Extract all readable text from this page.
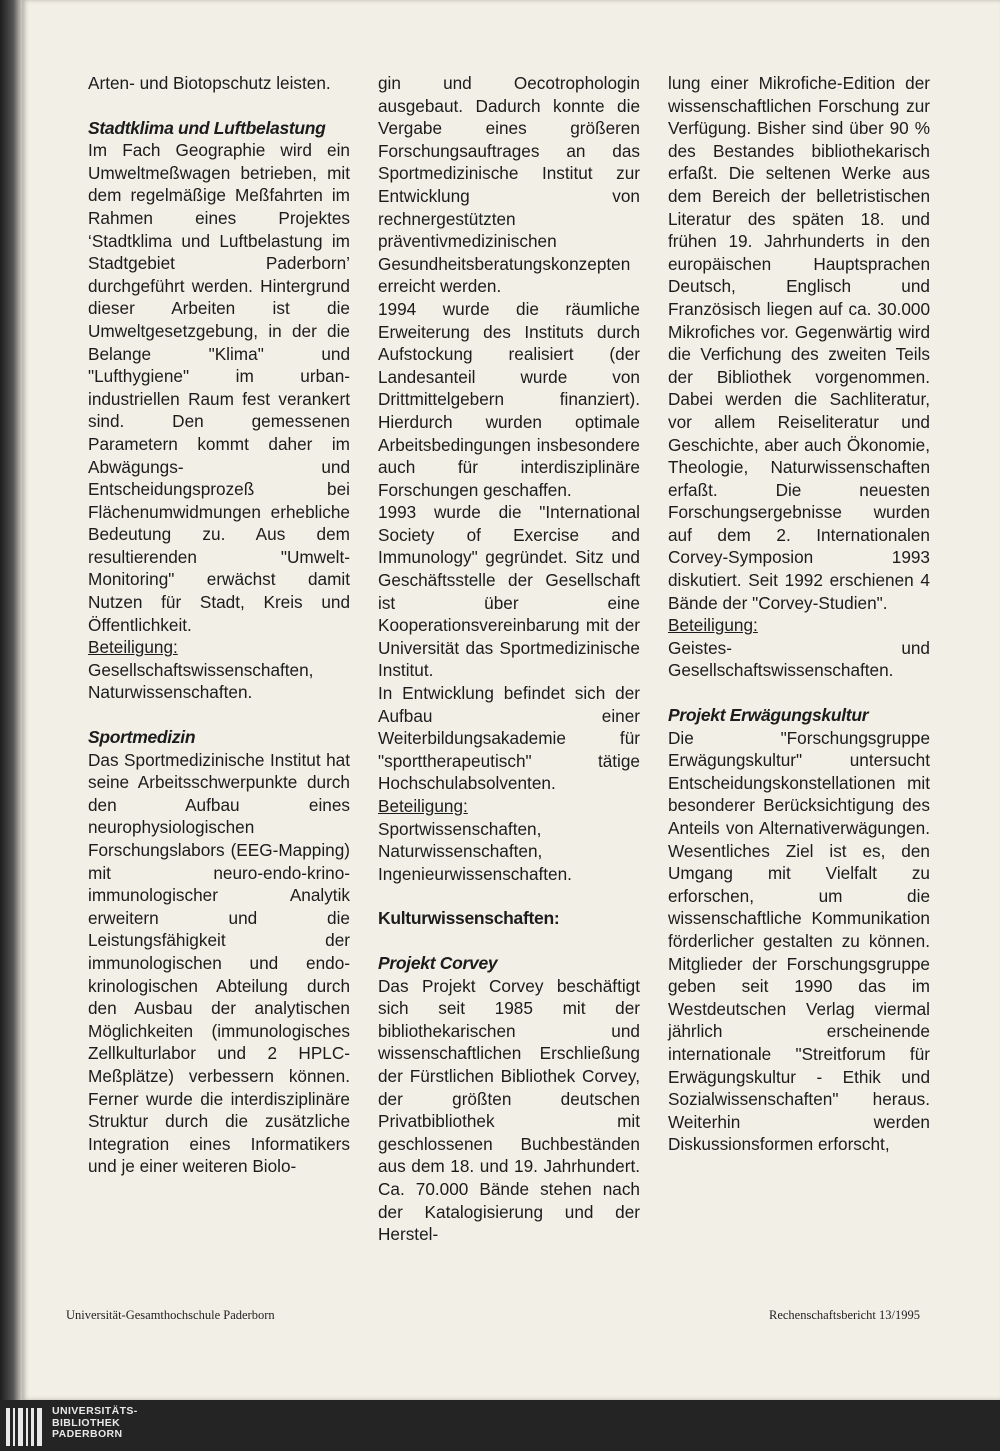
Arten- und Biotopschutz leisten.

Stadtklima und Luftbelastung

Im Fach Geographie wird ein Umweltmeßwagen betrieben, mit dem regelmäßige Meßfahrten im Rahmen eines Projektes ‘Stadtklima und Luftbelastung im Stadtgebiet Paderborn’ durchgeführt werden. Hintergrund dieser Arbeiten ist die Umweltgesetzgebung, in der die Belange "Klima" und "Lufthygiene" im urban-industriellen Raum fest verankert sind. Den gemessenen Parametern kommt daher im Abwägungs- und Entscheidungsprozeß bei Flächenumwidmungen erhebliche Bedeutung zu. Aus dem resultierenden "Umwelt-Monitoring" erwächst damit Nutzen für Stadt, Kreis und Öffentlichkeit.

Beteiligung:

Gesellschaftswissenschaften, Naturwissenschaften.

Sportmedizin

Das Sportmedizinische Institut hat seine Arbeitsschwerpunkte durch den Aufbau eines neurophysiologischen Forschungslabors (EEG-Mapping) mit neuro-endo-krino-immunologischer Analytik erweitern und die Leistungsfähigkeit der immunologischen und endo-krinologischen Abteilung durch den Ausbau der analytischen Möglichkeiten (immunologisches Zellkulturlabor und 2 HPLC-Meßplätze) verbessern können. Ferner wurde die interdisziplinäre Struktur durch die zusätzliche Integration eines Informatikers und je einer weiteren Biolo-

gin und Oecotrophologin ausgebaut. Dadurch konnte die Vergabe eines größeren Forschungsauftrages an das Sportmedizinische Institut zur Entwicklung von rechnergestützten präventivmedizinischen Gesundheitsberatungskonzepten erreicht werden.

1994 wurde die räumliche Erweiterung des Instituts durch Aufstockung realisiert (der Landesanteil wurde von Drittmittelgebern finanziert). Hierdurch wurden optimale Arbeitsbedingungen insbesondere auch für interdisziplinäre Forschungen geschaffen.

1993 wurde die "International Society of Exercise and Immunology" gegründet. Sitz und Geschäftsstelle der Gesellschaft ist über eine Kooperationsvereinbarung mit der Universität das Sportmedizinische Institut.

In Entwicklung befindet sich der Aufbau einer Weiterbildungsakademie für "sporttherapeutisch" tätige Hochschulabsolventen.

Beteiligung:

Sportwissenschaften, Naturwissenschaften, Ingenieurwissenschaften.

Kulturwissenschaften:
Projekt Corvey

Das Projekt Corvey beschäftigt sich seit 1985 mit der bibliothekarischen und wissenschaftlichen Erschließung der Fürstlichen Bibliothek Corvey, der größten deutschen Privatbibliothek mit geschlossenen Buchbeständen aus dem 18. und 19. Jahrhundert. Ca. 70.000 Bände stehen nach der Katalogisierung und der Herstel-

lung einer Mikrofiche-Edition der wissenschaftlichen Forschung zur Verfügung. Bisher sind über 90 % des Bestandes bibliothekarisch erfaßt. Die seltenen Werke aus dem Bereich der belletristischen Literatur des späten 18. und frühen 19. Jahrhunderts in den europäischen Hauptsprachen Deutsch, Englisch und Französisch liegen auf ca. 30.000 Mikrofiches vor. Gegenwärtig wird die Verfichung des zweiten Teils der Bibliothek vorgenommen. Dabei werden die Sachliteratur, vor allem Reiseliteratur und Geschichte, aber auch Ökonomie, Theologie, Naturwissenschaften erfaßt. Die neuesten Forschungsergebnisse wurden auf dem 2. Internationalen Corvey-Symposion 1993 diskutiert. Seit 1992 erschienen 4 Bände der "Corvey-Studien".

Beteiligung:

Geistes- und Gesellschaftswissenschaften.

Projekt Erwägungskultur

Die "Forschungsgruppe Erwägungskultur" untersucht Entscheidungskonstellationen mit besonderer Berücksichtigung des Anteils von Alternativerwägungen. Wesentliches Ziel ist es, den Umgang mit Vielfalt zu erforschen, um die wissenschaftliche Kommunikation förderlicher gestalten zu können. Mitglieder der Forschungsgruppe geben seit 1990 das im Westdeutschen Verlag viermal jährlich erscheinende internationale "Streitforum für Erwägungskultur - Ethik und Sozialwissenschaften" heraus. Weiterhin werden Diskussionsformen erforscht,

Universität-Gesamthochschule Paderborn	Rechenschaftsbericht 13/1995
UNIVERSITÄTS-
BIBLIOTHEK
PADERBORN
